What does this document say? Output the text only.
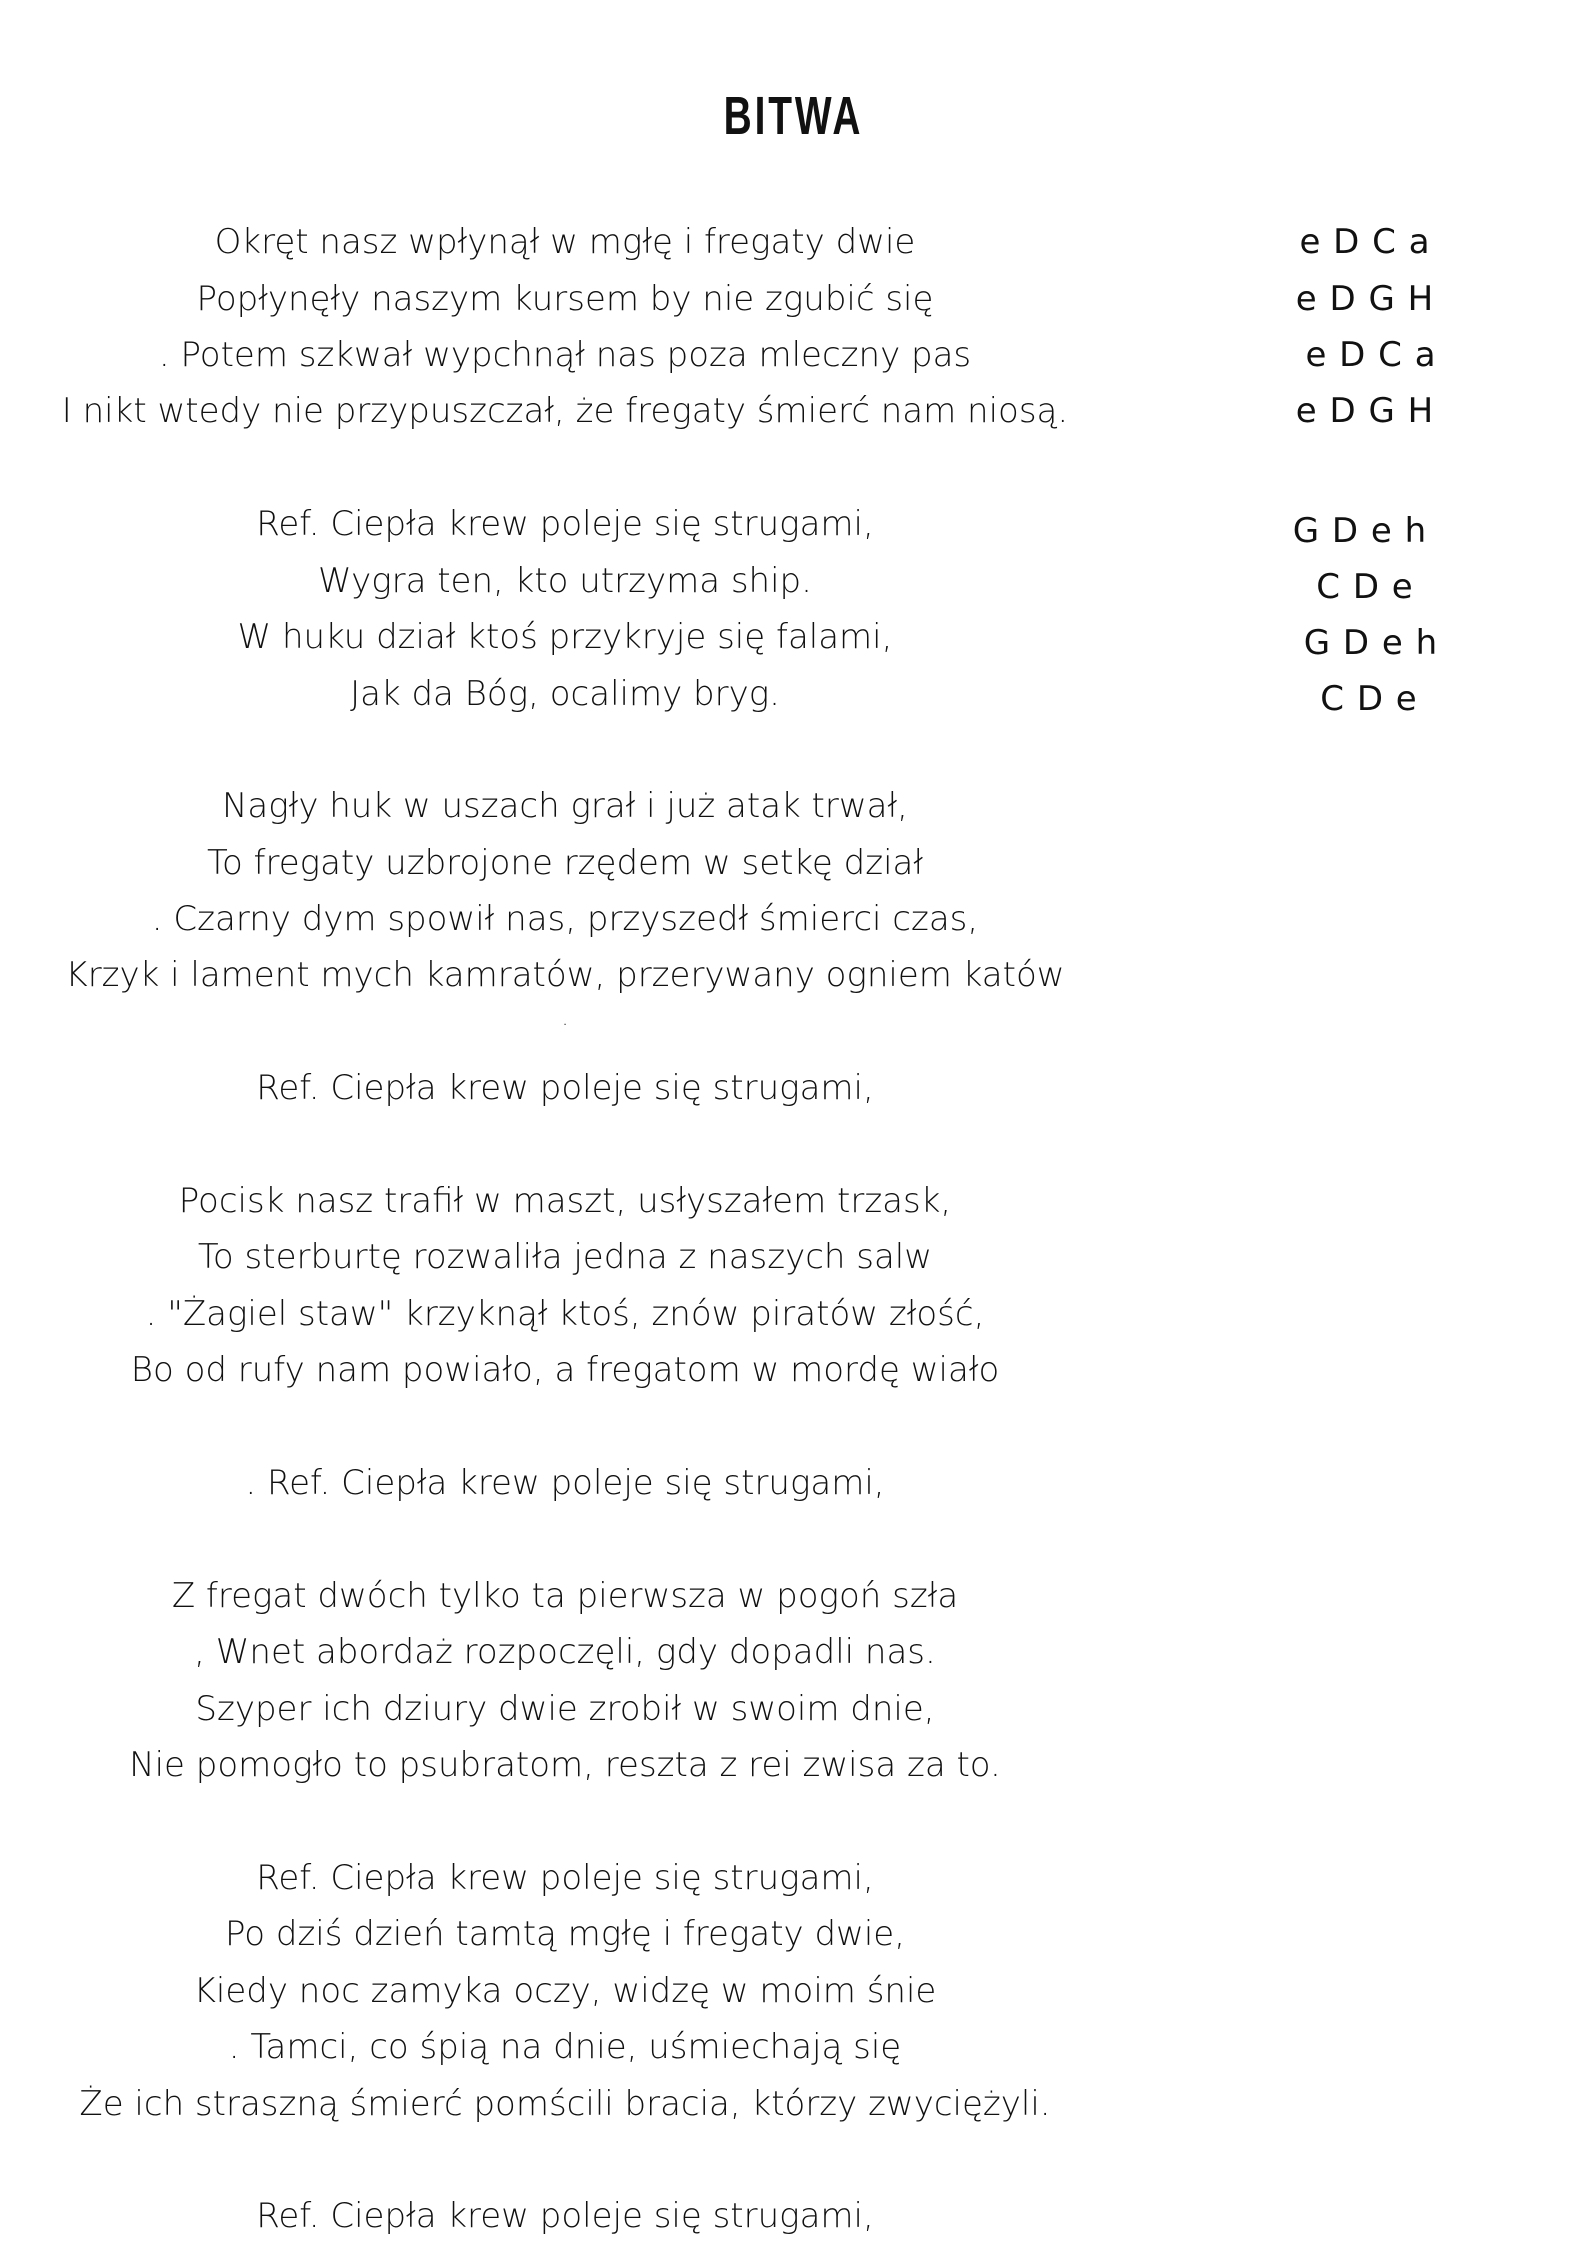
BITWA
Okręt nasz wpłynął w mgłę i fregaty dwie
Popłynęły naszym kursem by nie zgubić się
. Potem szkwał wypchnął nas poza mleczny pas
I nikt wtedy nie przypuszczał, że fregaty śmierć nam niosą.
e D C a
e D G H
e D C a
e D G H
Ref. Ciepła krew poleje się strugami,
Wygra ten, kto utrzyma ship.
W huku dział ktoś przykryje się falami,
Jak da Bóg, ocalimy bryg.
G D e h
C D e
G D e h
C D e
Nagły huk w uszach grał i już atak trwał,
To fregaty uzbrojone rzędem w setkę dział
. Czarny dym spowił nas, przyszedł śmierci czas,
Krzyk i lament mych kamratów, przerywany ogniem katów
.
Ref. Ciepła krew poleje się strugami,
Pocisk nasz trafił w maszt, usłyszałem trzask,
To sterburtę rozwaliła jedna z naszych salw
. "Żagiel staw" krzyknął ktoś, znów piratów złość,
Bo od rufy nam powiało, a fregatom w mordę wiało
. Ref. Ciepła krew poleje się strugami,
Z fregat dwóch tylko ta pierwsza w pogoń szła
, Wnet abordaż rozpoczęli, gdy dopadli nas.
Szyper ich dziury dwie zrobił w swoim dnie,
Nie pomogło to psubratom, reszta z rei zwisa za to.
Ref. Ciepła krew poleje się strugami,
Po dziś dzień tamtą mgłę i fregaty dwie,
Kiedy noc zamyka oczy, widzę w moim śnie
. Tamci, co śpią na dnie, uśmiechają się
Że ich straszną śmierć pomścili bracia, którzy zwyciężyli.
Ref. Ciepła krew poleje się strugami,
